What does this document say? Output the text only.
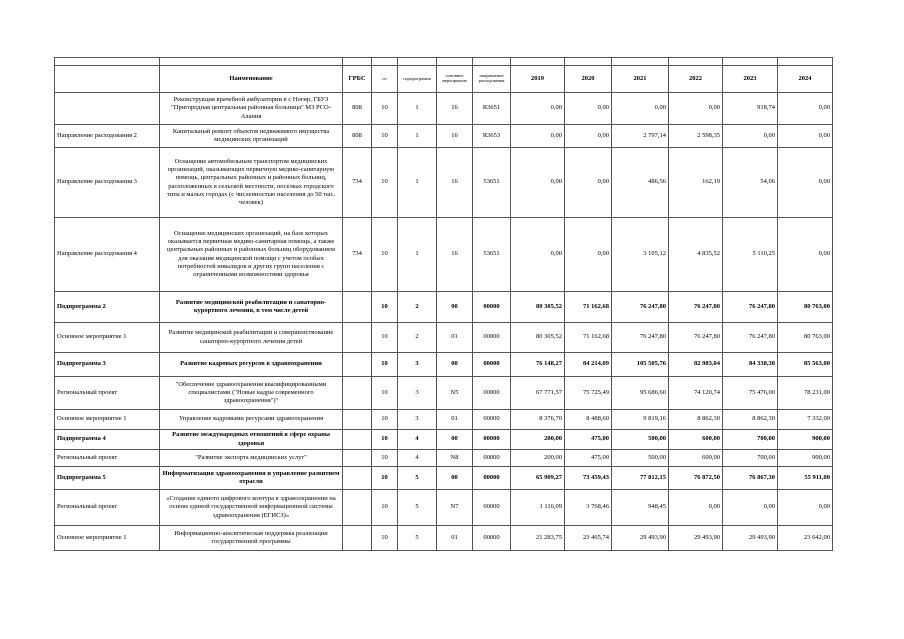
	Наименование	ГРБС	гп	подпрограмма	основное мероприятие	направление расходования	2019	2020	2021	2022	2023	2024
	Реконструкция врачебной амбулатории в с Ногир, ГБУЗ "Пригородная центральная районная больница" МЗ РСО-Алания	808	10	1	16	R3651	0,00	0,00	0,00	0,00	918,74	0,00
Направление расходования 2	Капитальный ремонт объектов недвижимого имущества медицинских организаций	808	10	1	16	R3653	0,00	0,00	2 797,14	2 598,35	0,00	0,00
Направление расходования 3	Оснащение автомобильным транспортом медицинских организаций, оказывающих первичную медико-санитарную помощь, центральных районных и районных больниц, расположенных в сельской местности, поселках городского типа и малых городах (с численностью населения до 50 тыс. человек)	734	10	1	16	53651	0,00	0,00	486,56	162,19	54,06	0,00
Направление расходования 4	Оснащение медицинских организаций, на базе которых оказывается первичная медико-санитарная помощь, а также центральных районных и районных больниц оборудованием для оказания медицинской помощи с учетом особых потребностей инвалидов и других групп населения с ограниченными возможностями здоровья	734	10	1	16	53651	0,00	0,00	3 105,12	4 835,52	5 110,25	0,00
Подпрограмма 2	Развитие медицинской реабилитации и санаторно-курортного лечения, в том числе детей		10	2	00	00000	80 305,52	71 162,68	76 247,80	76 247,80	76 247,80	80 763,00
Основное мероприятие 1	Развитие медицинской реабилитации и совершенствование санаторно-курортного лечения детей		10	2	01	00000	80 305,52	71 162,68	76 247,80	76 247,80	76 247,80	80 763,00
Подпрограмма 3	Развитие кадровых ресурсов в здравоохранении		10	3	00	00000	76 148,27	84 214,09	105 505,76	82 983,04	84 338,30	85 563,00
Региональный проект	"Обеспечение здравоохранения квалифицированными специалистами ("Новые кадры современного здравоохранения")"		10	3	N5	00000	67 771,57	75 725,49	95 686,60	74 120,74	75 476,00	78 231,00
Основное мероприятие 1	Управление кадровыми ресурсами здравоохранения		10	3	01	00000	8 376,70	8 488,60	9 819,16	8 862,30	8 862,30	7 332,00
Подпрограмма 4	Развитие международных отношений в сфере охраны здоровья		10	4	00	00000	200,00	475,00	500,00	600,00	700,00	900,00
Региональный проект	"Развитие экспорта медицинских услуг"		10	4	N8	00000	200,00	475,00	500,00	600,00	700,00	900,00
Подпрограмма 5	Информатизация здравоохранения и управление развитием отрасли		10	5	00	00000	65 909,27	73 459,43	77 812,15	76 872,50	76 867,30	55 911,00
Региональный проект	«Создание единого цифрового контура в здравоохранении на основе единой государственной информационной системы здравоохранения (ЕГИСЗ)»		10	5	N7	00000	1 116,09	3 768,46	948,45	0,00	0,00	0,00
Основное мероприятие 1	Информационно-аналитическая поддержка реализации государственной программы		10	5	01	00000	21 283,75	23 465,74	29 493,90	29 493,90	29 493,90	23 642,00
